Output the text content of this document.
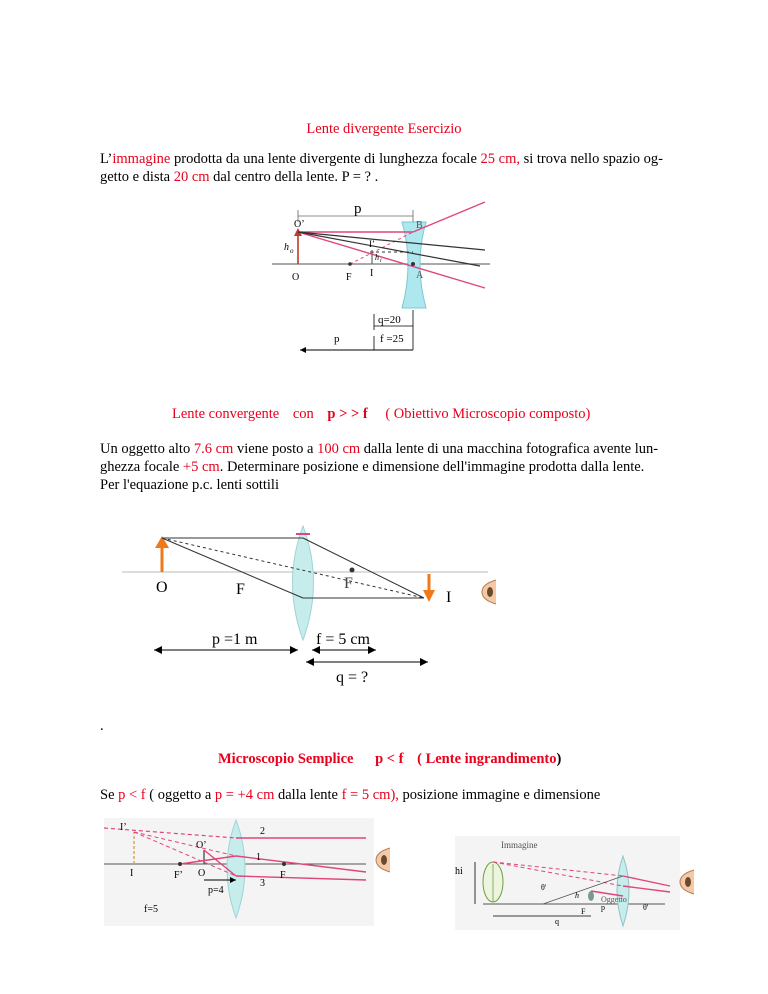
Lente divergente Esercizio
L’immagine prodotta da una lente divergente di lunghezza focale 25 cm, si trova nello spazio og-
getto e dista 20 cm dal centro della lente. P = ? .
p
O’	B
h o
I’
h i
O	F I	A
q=20
p	f =25
Lente convergente con p > > f ( Obiettivo Microscopio composto)
Un oggetto alto 7.6 cm viene posto a 100 cm dalla lente di una macchina fotografica avente lun-
ghezza focale +5 cm. Determinare posizione e dimensione dell'immagine prodotta dalla lente.
Per l'equazione p.c. lenti sottili
O	F	F
I
p =1 m	f = 5 cm
q = ?
.
Microscopio Semplice p < f ( Lente ingrandimento)
Se p < f ( oggetto a p = +4 cm dalla lente f = 5 cm), posizione immagine e dimensione
I’	2
O’
1
I	F’ O	F
3
p=4
f=5
Immagine
hi
θ'
h	Oggetto
F p	θ'
q
